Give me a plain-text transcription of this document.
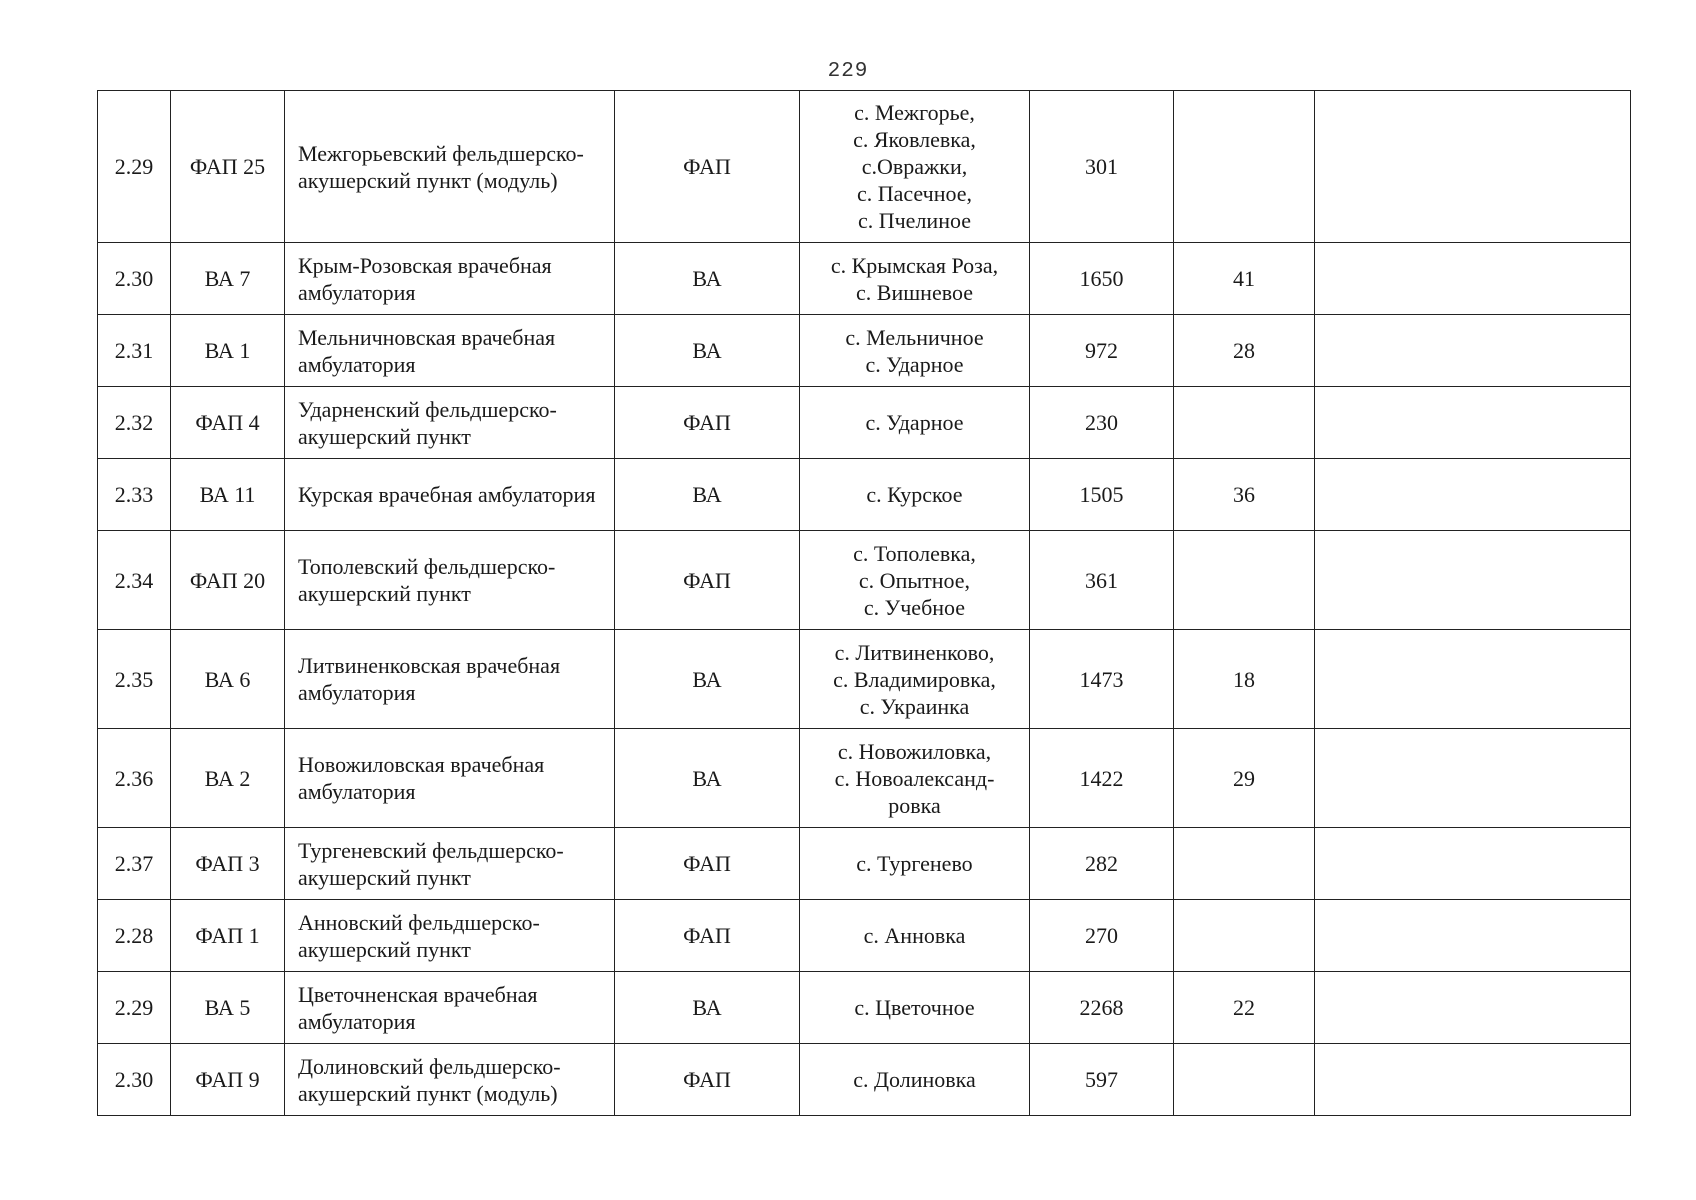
229
2.29	ФАП 25	Межгорьевский фельдшерско- акушерский пункт (модуль)	ФАП	с. Межгорье,
с. Яковлевка,
с.Овражки,
с. Пасечное,
с. Пчелиное	301		
2.30	ВА 7	Крым-Розовская врачебная амбулатория	ВА	с. Крымская Роза,
с. Вишневое	1650	41	
2.31	ВА 1	Мельничновская врачебная амбулатория	ВА	с. Мельничное
с. Ударное	972	28	
2.32	ФАП 4	Ударненский фельдшерско-акушерский пункт	ФАП	с. Ударное	230		
2.33	ВА 11	Курская врачебная амбулатория	ВА	с. Курское	1505	36	
2.34	ФАП 20	Тополевский фельдшерско-акушерский пункт	ФАП	с. Тополевка,
с. Опытное,
с. Учебное	361		
2.35	ВА 6	Литвиненковская врачебная амбулатория	ВА	с. Литвиненково,
с. Владимировка,
с. Украинка	1473	18	
2.36	ВА 2	Новожиловская врачебная амбулатория	ВА	с. Новожиловка,
с. Новоалександ-
ровка	1422	29	
2.37	ФАП 3	Тургеневский фельдшерско-акушерский пункт	ФАП	с. Тургенево	282		
2.28	ФАП 1	Анновский фельдшерско-акушерский пункт	ФАП	с. Анновка	270		
2.29	ВА 5	Цветочненская врачебная амбулатория	ВА	с. Цветочное	2268	22	
2.30	ФАП 9	Долиновский фельдшерско-акушерский пункт (модуль)	ФАП	с. Долиновка	597		
